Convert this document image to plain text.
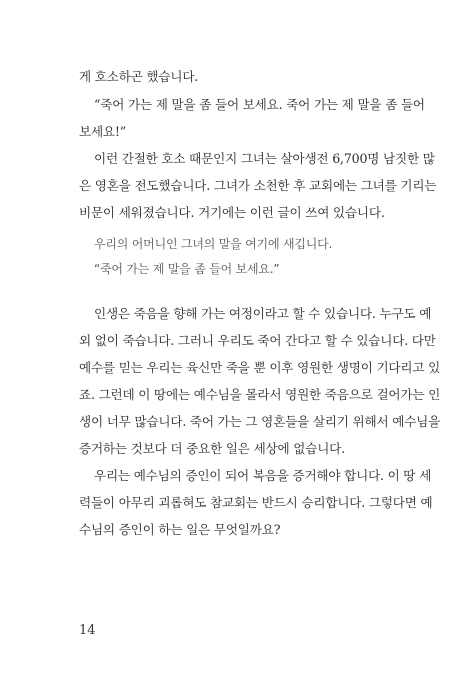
게 호소하곤 했습니다.
“죽어 가는 제 말을 좀 들어 보세요. 죽어 가는 제 말을 좀 들어
보세요!”
이런 간절한 호소 때문인지 그녀는 살아생전 6,700명 남짓한 많
은 영혼을 전도했습니다. 그녀가 소천한 후 교회에는 그녀를 기리는
비문이 세워졌습니다. 거기에는 이런 글이 쓰여 있습니다.
우리의 어머니인 그녀의 말을 여기에 새깁니다.
“죽어 가는 제 말을 좀 들어 보세요.”
인생은 죽음을 향해 가는 여정이라고 할 수 있습니다. 누구도 예
외 없이 죽습니다. 그러니 우리도 죽어 간다고 할 수 있습니다. 다만
예수를 믿는 우리는 육신만 죽을 뿐 이후 영원한 생명이 기다리고 있
죠. 그런데 이 땅에는 예수님을 몰라서 영원한 죽음으로 걸어가는 인
생이 너무 많습니다. 죽어 가는 그 영혼들을 살리기 위해서 예수님을
증거하는 것보다 더 중요한 일은 세상에 없습니다.
우리는 예수님의 증인이 되어 복음을 증거해야 합니다. 이 땅 세
력들이 아무리 괴롭혀도 참교회는 반드시 승리합니다. 그렇다면 예
수님의 증인이 하는 일은 무엇일까요?
14
